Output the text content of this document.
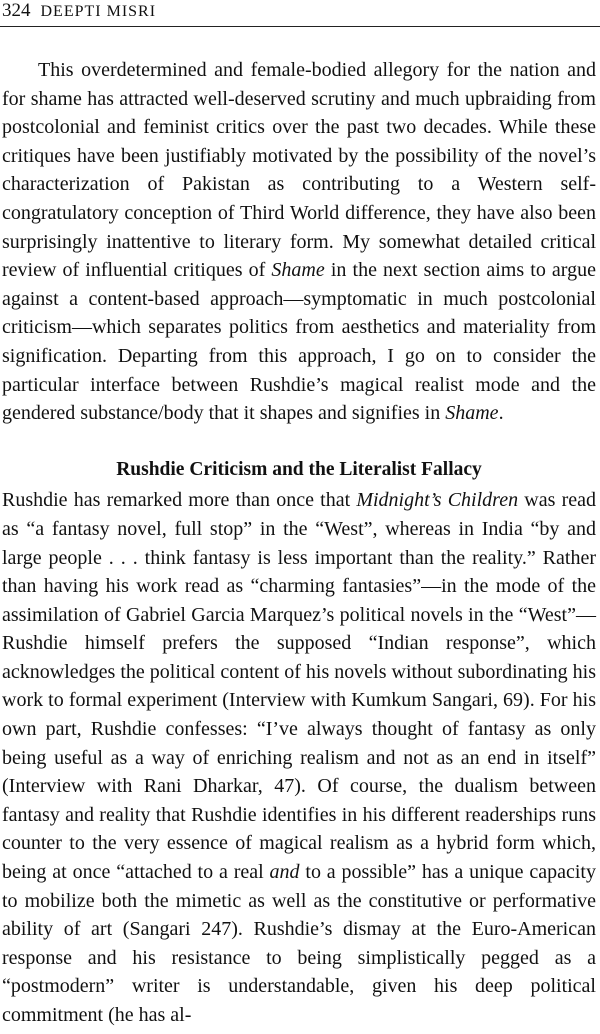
324 DEEPTI MISRI

This overdetermined and female-bodied allegory for the nation and for shame has attracted well-deserved scrutiny and much upbraiding from postcolonial and feminist critics over the past two decades. While these critiques have been justifiably motivated by the possibility of the novel’s characterization of Pakistan as contributing to a Western self-congratulatory conception of Third World difference, they have also been surprisingly inattentive to literary form. My somewhat detailed critical review of influential critiques of Shame in the next section aims to argue against a content-based approach—symptomatic in much postcolonial criticism—which separates politics from aesthetics and materiality from signification. Departing from this approach, I go on to consider the particular interface between Rushdie’s magical realist mode and the gendered substance/body that it shapes and signifies in Shame.

Rushdie Criticism and the Literalist Fallacy

Rushdie has remarked more than once that Midnight’s Children was read as “a fantasy novel, full stop” in the “West”, whereas in India “by and large people . . . think fantasy is less important than the reality.” Rather than having his work read as “charming fantasies”—in the mode of the assimilation of Gabriel Garcia Marquez’s political novels in the “West”—Rushdie himself prefers the supposed “Indian response”, which acknowledges the political content of his novels without subordinating his work to formal experiment (Interview with Kumkum Sangari, 69). For his own part, Rushdie confesses: “I’ve always thought of fantasy as only being useful as a way of enriching realism and not as an end in itself” (Interview with Rani Dharkar, 47). Of course, the dualism between fantasy and reality that Rushdie identifies in his different readerships runs counter to the very essence of magical realism as a hybrid form which, being at once “attached to a real and to a possible” has a unique capacity to mobilize both the mimetic as well as the constitutive or performative ability of art (Sangari 247). Rushdie’s dismay at the Euro-American response and his resistance to being simplistically pegged as a “postmodern” writer is understandable, given his deep political commitment (he has al-
